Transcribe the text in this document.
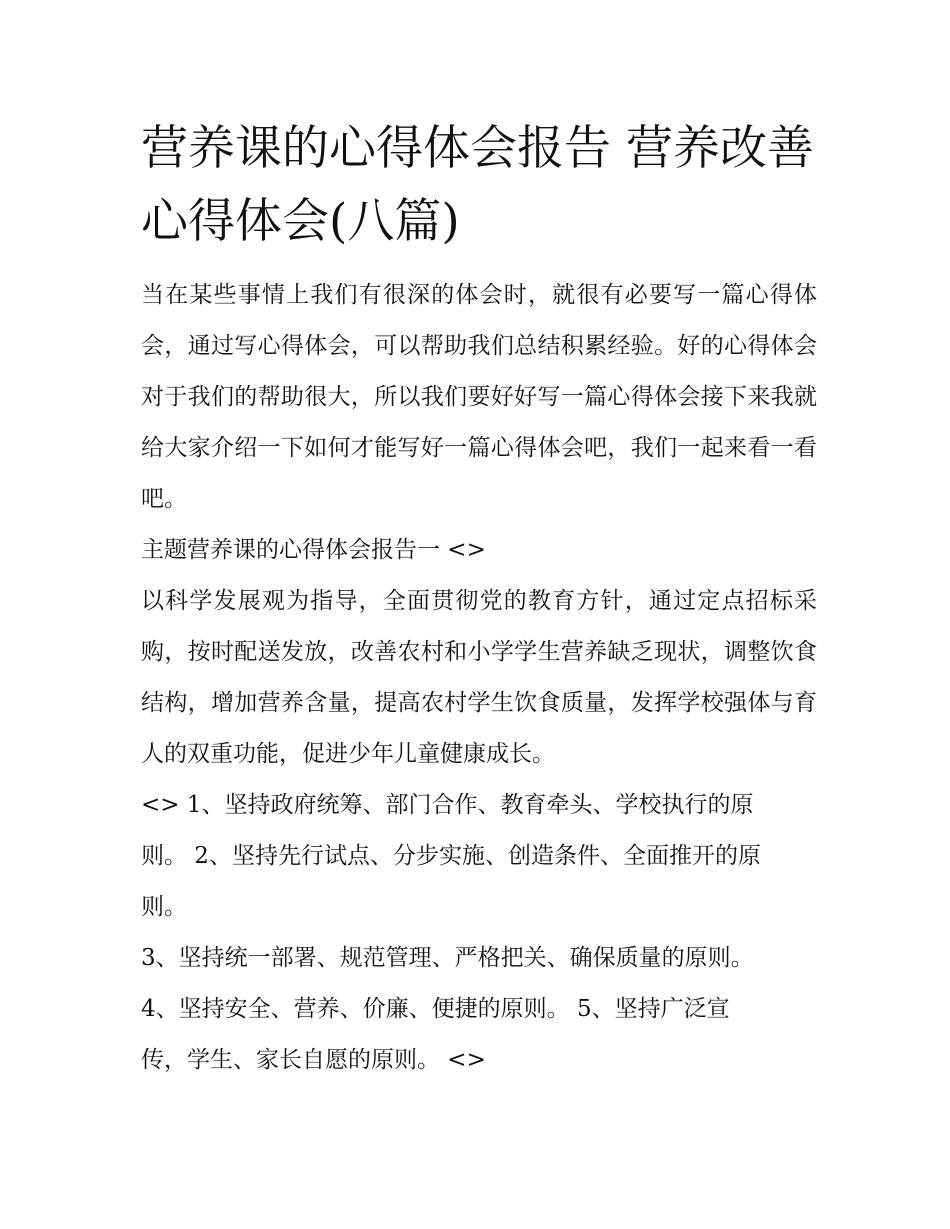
营养课的心得体会报告 营养改善心得体会(八篇)

当在某些事情上我们有很深的体会时，就很有必要写一篇心得体会，通过写心得体会，可以帮助我们总结积累经验。好的心得体会对于我们的帮助很大，所以我们要好好写一篇心得体会接下来我就给大家介绍一下如何才能写好一篇心得体会吧，我们一起来看一看吧。

主题营养课的心得体会报告一 <>

以科学发展观为指导，全面贯彻党的教育方针，通过定点招标采购，按时配送发放，改善农村和小学学生营养缺乏现状，调整饮食结构，增加营养含量，提高农村学生饮食质量，发挥学校强体与育人的双重功能，促进少年儿童健康成长。

<> 1、坚持政府统筹、部门合作、教育牵头、学校执行的原

则。 2、坚持先行试点、分步实施、创造条件、全面推开的原

则。

3、坚持统一部署、规范管理、严格把关、确保质量的原则。

4、坚持安全、营养、价廉、便捷的原则。 5、坚持广泛宣

传，学生、家长自愿的原则。 <>
